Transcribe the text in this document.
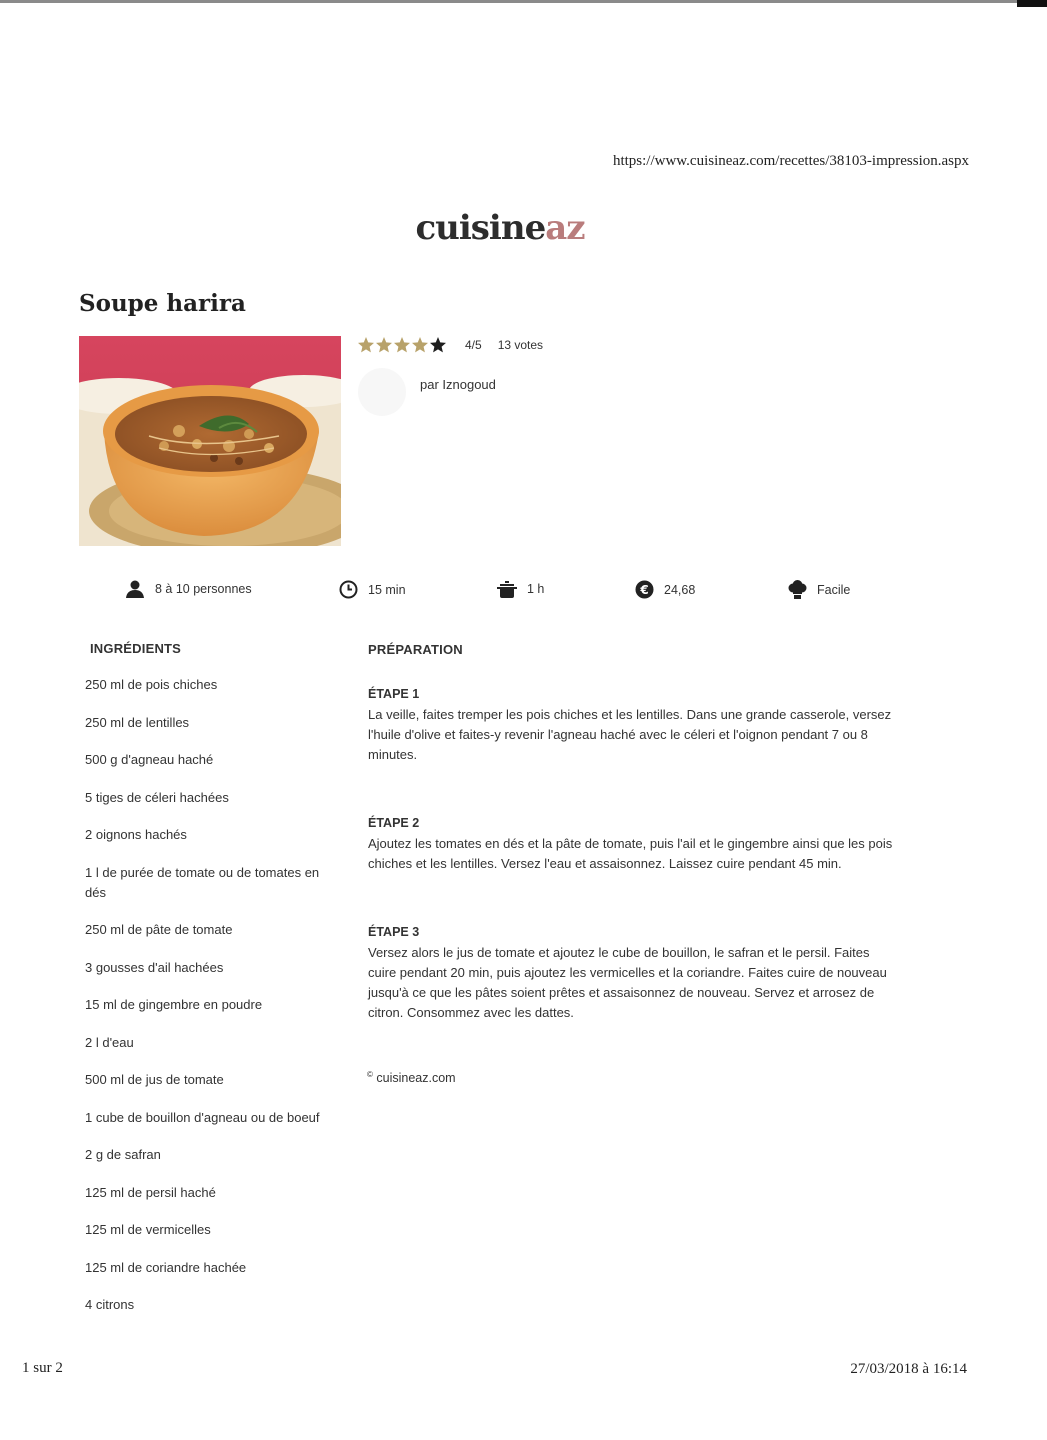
https://www.cuisineaz.com/recettes/38103-impression.aspx
cuisineaz
Soupe harira
4/5 13 votes
par Iznogoud
8 à 10 personnes	15 min	1 h	€ 24,68	Facile
INGRÉDIENTS
250 ml de pois chiches
250 ml de lentilles
500 g d'agneau haché
5 tiges de céleri hachées
2 oignons hachés
1 l de purée de tomate ou de tomates en dés
250 ml de pâte de tomate
3 gousses d'ail hachées
15 ml de gingembre en poudre
2 l d'eau
500 ml de jus de tomate
1 cube de bouillon d'agneau ou de boeuf
2 g de safran
125 ml de persil haché
125 ml de vermicelles
125 ml de coriandre hachée
4 citrons
PRÉPARATION

ÉTAPE 1

La veille, faites tremper les pois chiches et les lentilles. Dans une grande casserole, versez l'huile d'olive et faites-y revenir l'agneau haché avec le céleri et l'oignon pendant 7 ou 8 minutes.

ÉTAPE 2

Ajoutez les tomates en dés et la pâte de tomate, puis l'ail et le gingembre ainsi que les pois chiches et les lentilles. Versez l'eau et assaisonnez. Laissez cuire pendant 45 min.

ÉTAPE 3

Versez alors le jus de tomate et ajoutez le cube de bouillon, le safran et le persil. Faites cuire pendant 20 min, puis ajoutez les vermicelles et la coriandre. Faites cuire de nouveau jusqu'à ce que les pâtes soient prêtes et assaisonnez de nouveau. Servez et arrosez de citron. Consommez avec les dattes.

© cuisineaz.com
1 sur 2	27/03/2018 à 16:14
